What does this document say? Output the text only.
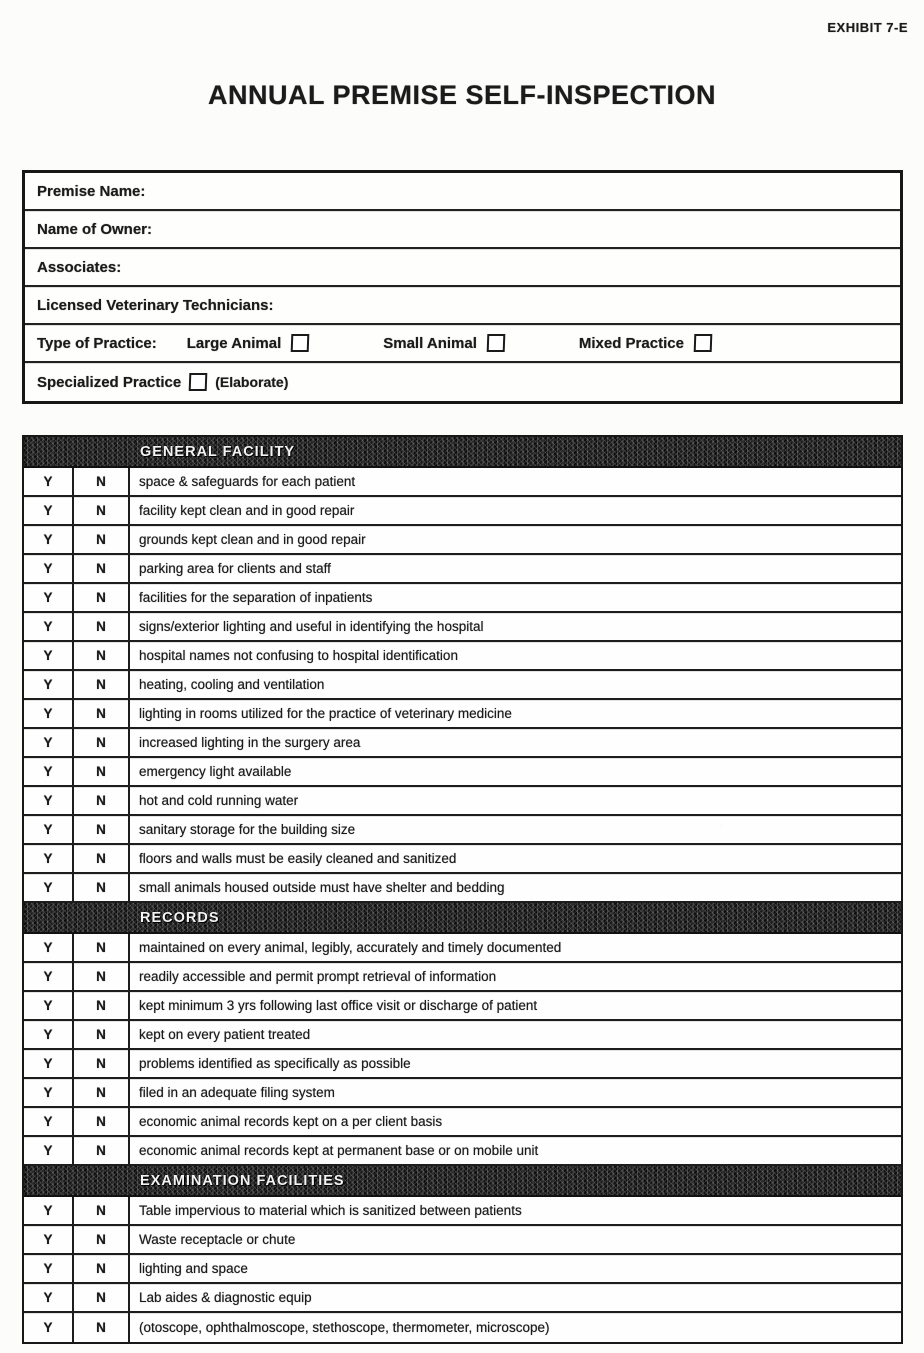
EXHIBIT 7-E
ANNUAL PREMISE SELF-INSPECTION
Premise Name:
Name of Owner:
Associates:
Licensed Veterinary Technicians:
Type of Practice: Large Animal	Small Animal	Mixed Practice
Specialized Practice (Elaborate)
GENERAL FACILITY
Y	N	space & safeguards for each patient
Y	N	facility kept clean and in good repair
Y	N	grounds kept clean and in good repair
Y	N	parking area for clients and staff
Y	N	facilities for the separation of inpatients
Y	N	signs/exterior lighting and useful in identifying the hospital
Y	N	hospital names not confusing to hospital identification
Y	N	heating, cooling and ventilation
Y	N	lighting in rooms utilized for the practice of veterinary medicine
Y	N	increased lighting in the surgery area
Y	N	emergency light available
Y	N	hot and cold running water
Y	N	sanitary storage for the building size
Y	N	floors and walls must be easily cleaned and sanitized
Y	N	small animals housed outside must have shelter and bedding
RECORDS
Y	N	maintained on every animal, legibly, accurately and timely documented
Y	N	readily accessible and permit prompt retrieval of information
Y	N	kept minimum 3 yrs following last office visit or discharge of patient
Y	N	kept on every patient treated
Y	N	problems identified as specifically as possible
Y	N	filed in an adequate filing system
Y	N	economic animal records kept on a per client basis
Y	N	economic animal records kept at permanent base or on mobile unit
EXAMINATION FACILITIES
Y	N	Table impervious to material which is sanitized between patients
Y	N	Waste receptacle or chute
Y	N	lighting and space
Y	N	Lab aides & diagnostic equip
Y	N	(otoscope, ophthalmoscope, stethoscope, thermometer, microscope)
